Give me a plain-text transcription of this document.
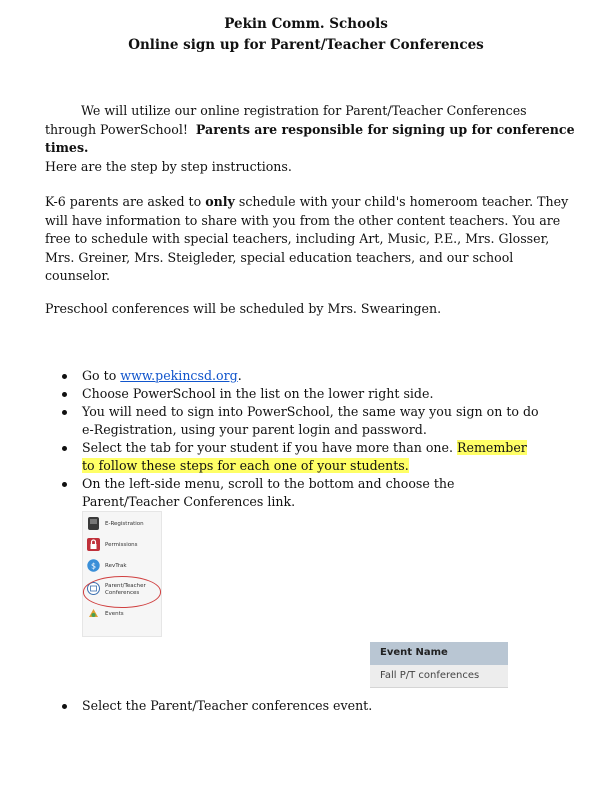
Pekin Comm. Schools
Online sign up for Parent/Teacher Conferences
We will utilize our online registration for Parent/Teacher Conferences through PowerSchool! Parents are responsible for signing up for conference times.
Here are the step by step instructions.
K-6 parents are asked to only schedule with your child's homeroom teacher. They will have information to share with you from the other content teachers. You are free to schedule with special teachers, including Art, Music, P.E., Mrs. Glosser, Mrs. Greiner, Mrs. Steigleder, special education teachers, and our school counselor.
Preschool conferences will be scheduled by Mrs. Swearingen.
Go to www.pekincsd.org.
Choose PowerSchool in the list on the lower right side.
You will need to sign into PowerSchool, the same way you sign on to do e-Registration, using your parent login and password.
Select the tab for your student if you have more than one. Remember to follow these steps for each one of your students.
On the left-side menu, scroll to the bottom and choose the Parent/Teacher Conferences link.
E-Registration
Permissions
$ RevTrak
Parent/Teacher Conferences
Events
Event Name
Fall P/T conferences
Select the Parent/Teacher conferences event.
